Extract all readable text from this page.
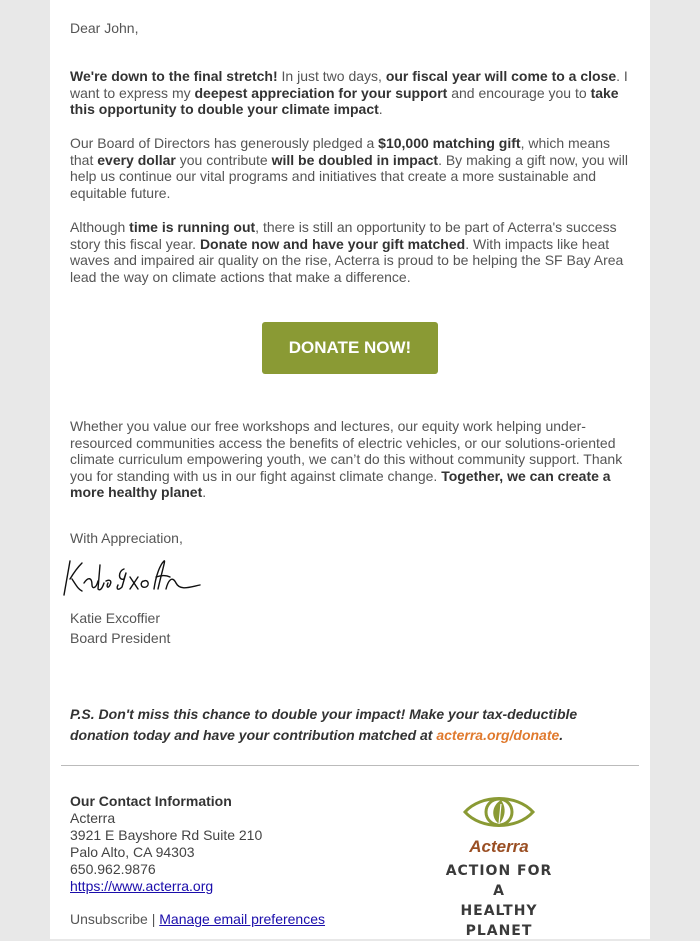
Dear John,

We're down to the final stretch! In just two days, our fiscal year will come to a close. I want to express my deepest appreciation for your support and encourage you to take this opportunity to double your climate impact.

Our Board of Directors has generously pledged a $10,000 matching gift, which means that every dollar you contribute will be doubled in impact. By making a gift now, you will help us continue our vital programs and initiatives that create a more sustainable and equitable future.

Although time is running out, there is still an opportunity to be part of Acterra's success story this fiscal year. Donate now and have your gift matched. With impacts like heat waves and impaired air quality on the rise, Acterra is proud to be helping the SF Bay Area lead the way on climate actions that make a difference.

DONATE NOW!

Whether you value our free workshops and lectures, our equity work helping under-resourced communities access the benefits of electric vehicles, or our solutions-oriented climate curriculum empowering youth, we can’t do this without community support. Thank you for standing with us in our fight against climate change. Together, we can create a more healthy planet.

With Appreciation,
Katie Excoffier
Board President

P.S. Don't miss this chance to double your impact! Make your tax-deductible donation today and have your contribution matched at acterra.org/donate.

Our Contact Information
Acterra
3921 E Bayshore Rd Suite 210
Palo Alto, CA 94303
650.962.9876
https://www.acterra.org
Acterra
ACTION FOR A
HEALTHY PLANET
Unsubscribe | Manage email preferences
